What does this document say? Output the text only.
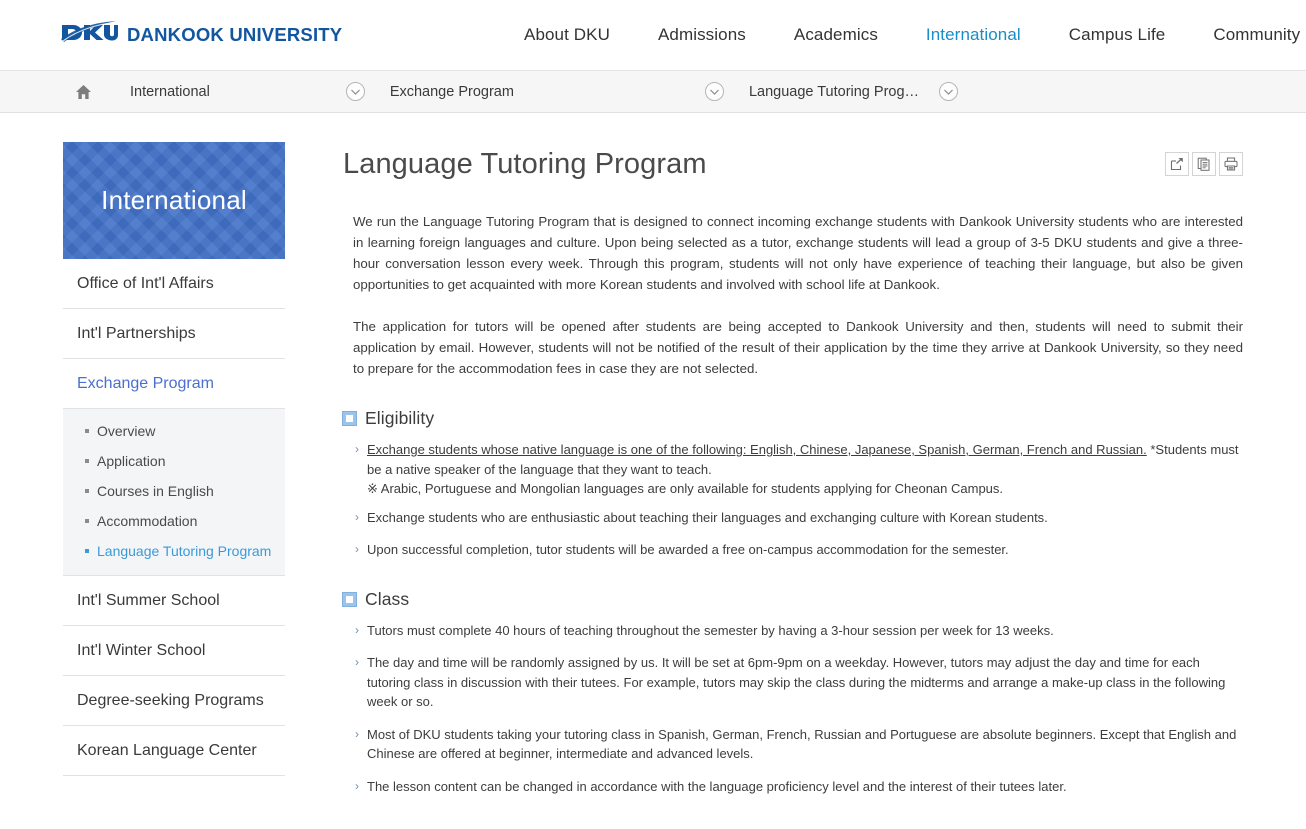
DANKOOK UNIVERSITY	About DKU	Admissions	Academics	International	Campus Life	Community
International	Exchange Program	Language Tutoring Prog…
International
Office of Int'l Affairs
Int'l Partnerships
Exchange Program
Overview
Application
Courses in English
Accommodation
Language Tutoring Program
Int'l Summer School
Int'l Winter School
Degree-seeking Programs
Korean Language Center
Language Tutoring Program

We run the Language Tutoring Program that is designed to connect incoming exchange students with Dankook University students who are interested in learning foreign languages and culture. Upon being selected as a tutor, exchange students will lead a group of 3-5 DKU students and give a three-hour conversation lesson every week. Through this program, students will not only have experience of teaching their language, but also be given opportunities to get acquainted with more Korean students and involved with school life at Dankook.

The application for tutors will be opened after students are being accepted to Dankook University and then, students will need to submit their application by email. However, students will not be notified of the result of their application by the time they arrive at Dankook University, so they need to prepare for the accommodation fees in case they are not selected.

Eligibility
› Exchange students whose native language is one of the following: English, Chinese, Japanese, Spanish, German, French and Russian. *Students must be a native speaker of the language that they want to teach.
※ Arabic, Portuguese and Mongolian languages are only available for students applying for Cheonan Campus.
› Exchange students who are enthusiastic about teaching their languages and exchanging culture with Korean students.
› Upon successful completion, tutor students will be awarded a free on-campus accommodation for the semester.
Class
› Tutors must complete 40 hours of teaching throughout the semester by having a 3-hour session per week for 13 weeks.
› The day and time will be randomly assigned by us. It will be set at 6pm-9pm on a weekday. However, tutors may adjust the day and time for each tutoring class in discussion with their tutees. For example, tutors may skip the class during the midterms and arrange a make-up class in the following week or so.
› Most of DKU students taking your tutoring class in Spanish, German, French, Russian and Portuguese are absolute beginners. Except that English and Chinese are offered at beginner, intermediate and advanced levels.
› The lesson content can be changed in accordance with the language proficiency level and the interest of their tutees later.
